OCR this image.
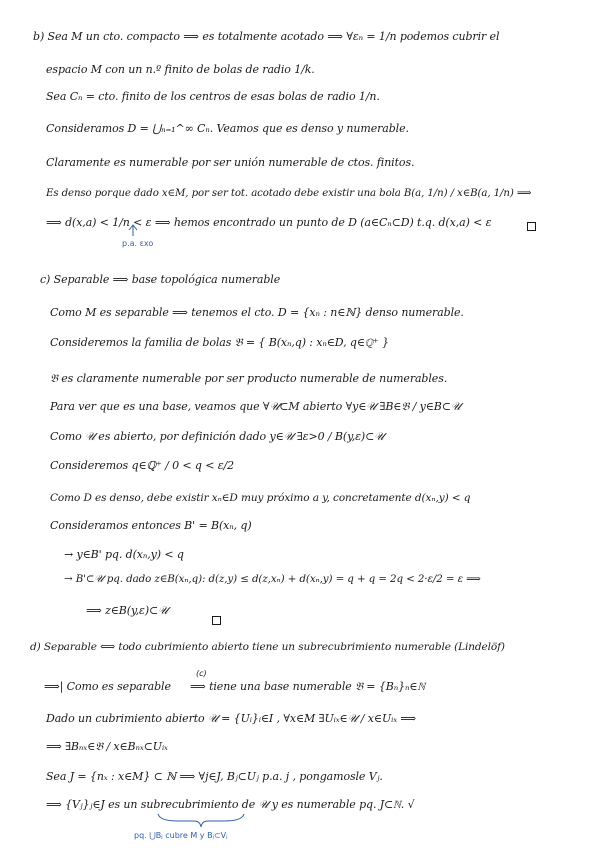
b) Sea M un cto. compacto ⟹ es totalmente acotado ⟹ ∀εₙ = 1/n podemos cubrir el
espacio M con un n.º finito de bolas de radio 1/k.
Sea Cₙ = cto. finito de los centros de esas bolas de radio 1/n.
Consideramos D = ⋃ₙ₌₁^∞ Cₙ. Veamos que es denso y numerable.
Claramente es numerable por ser unión numerable de ctos. finitos.
Es denso porque dado x∈M, por ser tot. acotado debe existir una bola B(a, 1/n) / x∈B(a, 1/n) ⟹
⟹ d(x,a) < 1/n < ε ⟹ hemos encontrado un punto de D (a∈Cₙ⊂D) t.q. d(x,a) < ε
p.a. εxo
c) Separable ⟹ base topológica numerable
Como M es separable ⟹ tenemos el cto. D = {xₙ : n∈ℕ} denso numerable.
Consideremos la familia de bolas 𝔅 = { B(xₙ,q) : xₙ∈D, q∈ℚ⁺ }
𝔅 es claramente numerable por ser producto numerable de numerables.
Para ver que es una base, veamos que ∀𝒰⊂M abierto ∀y∈𝒰 ∃B∈𝔅 / y∈B⊂𝒰
Como 𝒰 es abierto, por definición dado y∈𝒰 ∃ε>0 / B(y,ε)⊂𝒰
Consideremos q∈ℚ⁺ / 0 < q < ε/2
Como D es denso, debe existir xₙ∈D muy próximo a y, concretamente d(xₙ,y) < q
Consideramos entonces B' = B(xₙ, q)
→ y∈B' pq. d(xₙ,y) < q
→ B'⊂𝒰 pq. dado z∈B(xₙ,q): d(z,y) ≤ d(z,xₙ) + d(xₙ,y) = q + q = 2q < 2·ε/2 = ε ⟹
⟹ z∈B(y,ε)⊂𝒰
d) Separable ⟺ todo cubrimiento abierto tiene un subrecubrimiento numerable (Lindelöf)
⟹| Como es separable
(c)
⟹ tiene una base numerable 𝔅 = {Bₙ}ₙ∈ℕ
Dado un cubrimiento abierto 𝒰 = {Uᵢ}ᵢ∈I , ∀x∈M ∃Uᵢₓ∈𝒰 / x∈Uᵢₓ ⟹
⟹ ∃Bₙₓ∈𝔅 / x∈Bₙₓ⊂Uᵢₓ
Sea J = {nₓ : x∈M} ⊂ ℕ ⟹ ∀j∈J, Bⱼ⊂Uⱼ p.a. j , pongamosle Vⱼ.
⟹ {Vⱼ}ⱼ∈J es un subrecubrimiento de 𝒰 y es numerable pq. J⊂ℕ. √
pq. ⋃Bⱼ cubre M y Bⱼ⊂Vⱼ
